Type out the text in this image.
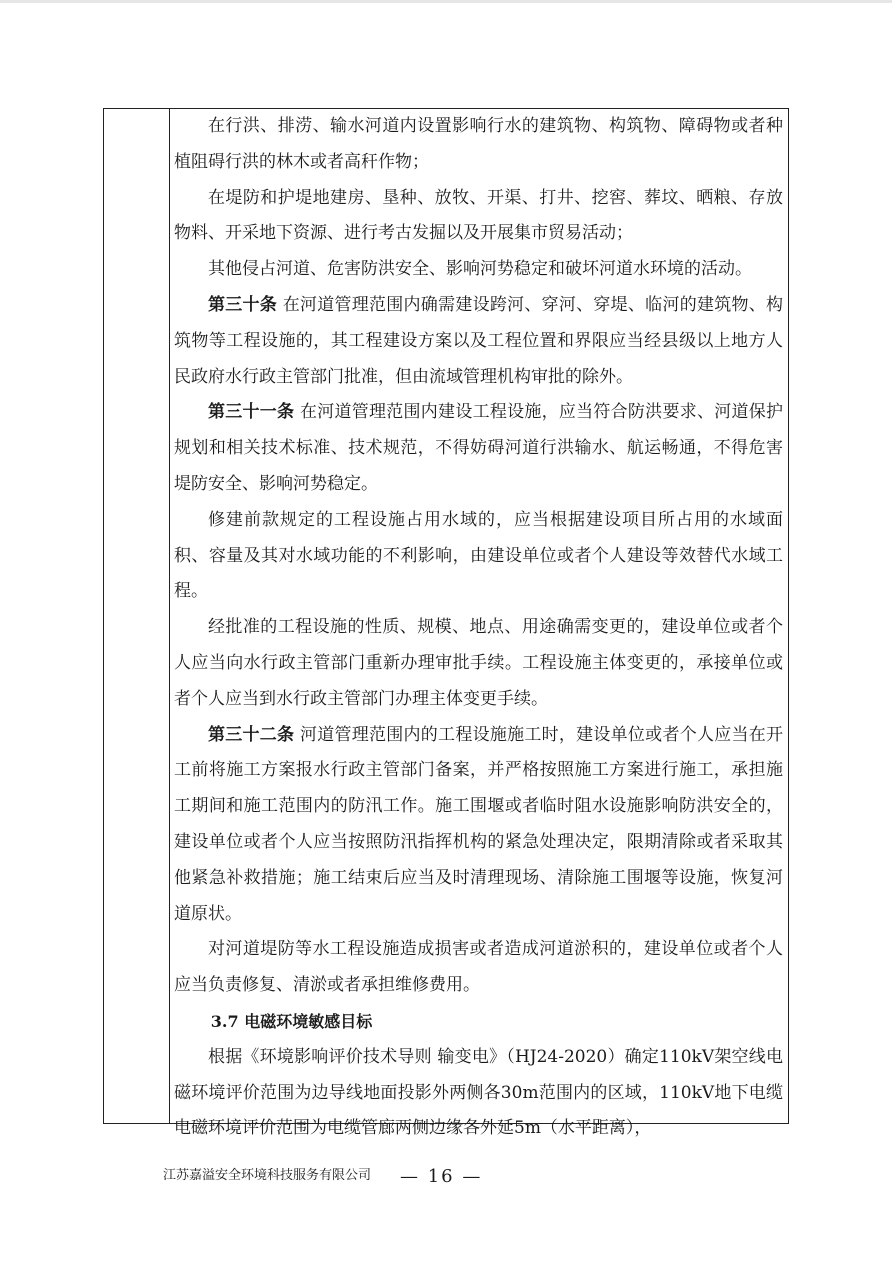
在行洪、排涝、输水河道内设置影响行水的建筑物、构筑物、障碍物或者种植阻碍行洪的林木或者高秆作物；

在堤防和护堤地建房、垦种、放牧、开渠、打井、挖窖、葬坟、晒粮、存放物料、开采地下资源、进行考古发掘以及开展集市贸易活动；

其他侵占河道、危害防洪安全、影响河势稳定和破坏河道水环境的活动。

第三十条 在河道管理范围内确需建设跨河、穿河、穿堤、临河的建筑物、构筑物等工程设施的，其工程建设方案以及工程位置和界限应当经县级以上地方人民政府水行政主管部门批准，但由流域管理机构审批的除外。

第三十一条 在河道管理范围内建设工程设施，应当符合防洪要求、河道保护规划和相关技术标准、技术规范，不得妨碍河道行洪输水、航运畅通，不得危害堤防安全、影响河势稳定。

修建前款规定的工程设施占用水域的，应当根据建设项目所占用的水域面积、容量及其对水域功能的不利影响，由建设单位或者个人建设等效替代水域工程。

经批准的工程设施的性质、规模、地点、用途确需变更的，建设单位或者个人应当向水行政主管部门重新办理审批手续。工程设施主体变更的，承接单位或者个人应当到水行政主管部门办理主体变更手续。

第三十二条 河道管理范围内的工程设施施工时，建设单位或者个人应当在开工前将施工方案报水行政主管部门备案，并严格按照施工方案进行施工，承担施工期间和施工范围内的防汛工作。施工围堰或者临时阻水设施影响防洪安全的，建设单位或者个人应当按照防汛指挥机构的紧急处理决定，限期清除或者采取其他紧急补救措施；施工结束后应当及时清理现场、清除施工围堰等设施，恢复河道原状。

对河道堤防等水工程设施造成损害或者造成河道淤积的，建设单位或者个人应当负责修复、清淤或者承担维修费用。

3.7 电磁环境敏感目标

根据《环境影响评价技术导则 输变电》（HJ24-2020）确定110kV架空线电磁环境评价范围为边导线地面投影外两侧各30m范围内的区域，110kV地下电缆电磁环境评价范围为电缆管廊两侧边缘各外延5m（水平距离），

江苏嘉溢安全环境科技服务有限公司 — 16 —
